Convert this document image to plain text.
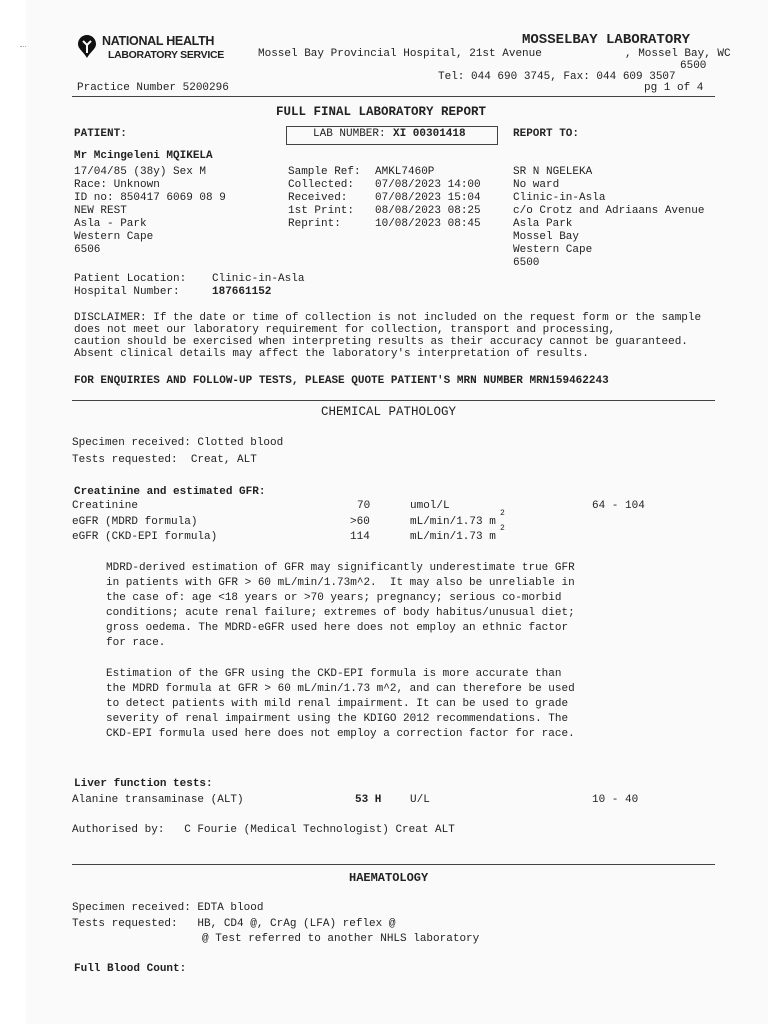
NATIONAL HEALTH
LABORATORY SERVICE
MOSSELBAY LABORATORY
Mossel Bay Provincial Hospital, 21st Avenue	, Mossel Bay, WC
6500
Tel: 044 690 3745, Fax: 044 609 3507
Practice Number 5200296	pg 1 of 4
FULL FINAL LABORATORY REPORT
PATIENT:	LAB NUMBER: XI 00301418	REPORT TO:
Mr Mcingeleni MQIKELA
17/04/85 (38y) Sex M
Race: Unknown
ID no: 850417 6069 08 9
NEW REST
Asla - Park
Western Cape
6506
Sample Ref: AMKL7460P
Collected: 07/08/2023 14:00
Received:	07/08/2023 15:04
1st Print: 08/08/2023 08:25
Reprint:	10/08/2023 08:45
SR N NGELEKA
No ward
Clinic-in-Asla
c/o Crotz and Adriaans Avenue
Asla Park
Mossel Bay
Western Cape
6500
Patient Location: Clinic-in-Asla
Hospital Number:	187661152
DISCLAIMER: If the date or time of collection is not included on the request form or the sample
does not meet our laboratory requirement for collection, transport and processing,
caution should be exercised when interpreting results as their accuracy cannot be guaranteed.
Absent clinical details may affect the laboratory's interpretation of results.
FOR ENQUIRIES AND FOLLOW-UP TESTS, PLEASE QUOTE PATIENT'S MRN NUMBER MRN159462243
CHEMICAL PATHOLOGY
Specimen received: Clotted blood
Tests requested:  Creat, ALT
Creatinine and estimated GFR:
Creatinine	70	umol/L	64 - 104
eGFR (MDRD formula)	>60	mL/min/1.73 m
2
eGFR (CKD-EPI formula)	114	mL/min/1.73 m
2
MDRD-derived estimation of GFR may significantly underestimate true GFR
in patients with GFR > 60 mL/min/1.73m^2.  It may also be unreliable in
the case of: age <18 years or >70 years; pregnancy; serious co-morbid
conditions; acute renal failure; extremes of body habitus/unusual diet;
gross oedema. The MDRD-eGFR used here does not employ an ethnic factor
for race.
Estimation of the GFR using the CKD-EPI formula is more accurate than
the MDRD formula at GFR > 60 mL/min/1.73 m^2, and can therefore be used
to detect patients with mild renal impairment. It can be used to grade
severity of renal impairment using the KDIGO 2012 recommendations. The
CKD-EPI formula used here does not employ a correction factor for race.
Liver function tests:
Alanine transaminase (ALT)	53 H	U/L	10 - 40
Authorised by:   C Fourie (Medical Technologist) Creat ALT
HAEMATOLOGY
Specimen received: EDTA blood
Tests requested:   HB, CD4 @, CrAg (LFA) reflex @
@ Test referred to another NHLS laboratory
Full Blood Count:
